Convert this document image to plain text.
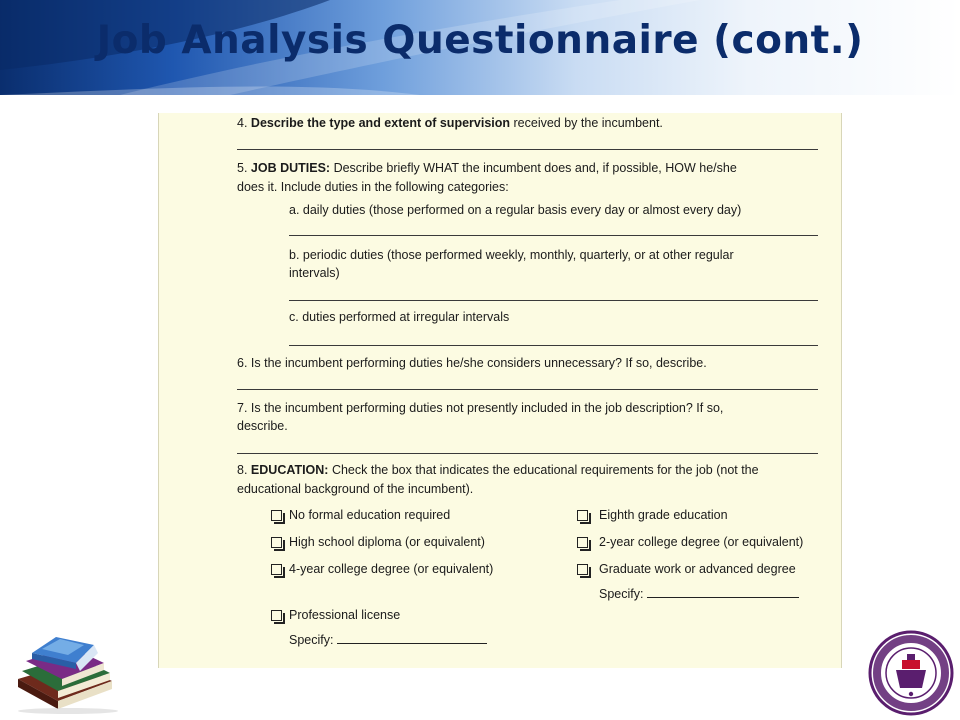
Job Analysis Questionnaire (cont.)
4. Describe the type and extent of supervision received by the incumbent.
5. JOB DUTIES: Describe briefly WHAT the incumbent does and, if possible, HOW he/she
does it. Include duties in the following categories:
a. daily duties (those performed on a regular basis every day or almost every day)
b. periodic duties (those performed weekly, monthly, quarterly, or at other regular
intervals)
c. duties performed at irregular intervals
6. Is the incumbent performing duties he/she considers unnecessary? If so, describe.
7. Is the incumbent performing duties not presently included in the job description? If so,
describe.
8. EDUCATION: Check the box that indicates the educational requirements for the job (not the
educational background of the incumbent).
No formal education required
High school diploma (or equivalent)
4-year college degree (or equivalent)
Professional license
Specify:
Eighth grade education
2-year college degree (or equivalent)
Graduate work or advanced degree
Specify:
